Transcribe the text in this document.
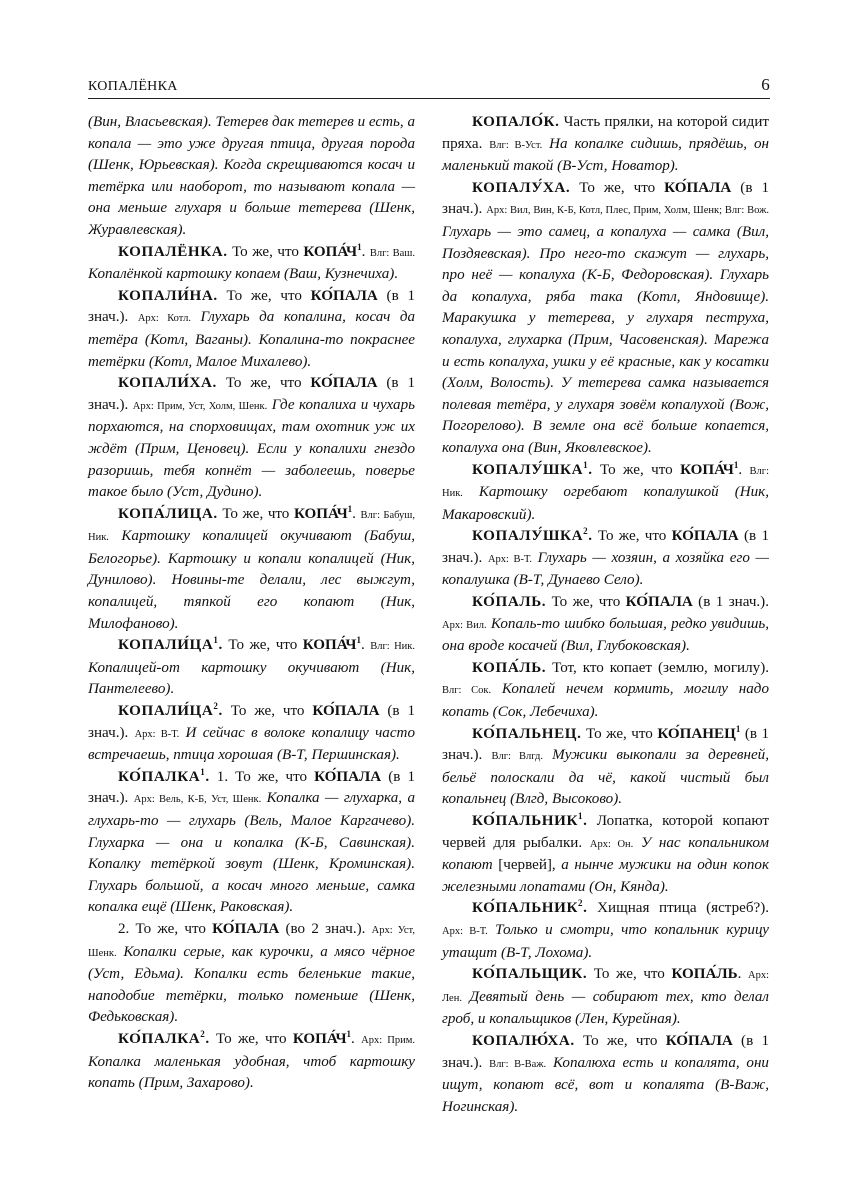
КОПАЛЁНКА	6

(Вин, Власьевская). Тетерев дак тетерев и есть, а копала — это уже другая птица, другая порода (Шенк, Юрьевская). Когда скрещиваются косач и тетёрка или наоборот, то называют копала — она меньше глухаря и больше тетерева (Шенк, Журавлевская).

КОПАЛЁНКА. То же, что КОПА́Ч$^1$. Влг: Ваш. Копалёнкой картошку копаем (Ваш, Кузнечиха).

КОПАЛИ́НА. То же, что КО́ПАЛА (в 1 знач.). Арх: Котл. Глухарь да копалина, косач да тетёра (Котл, Ваганы). Копалина-то покраснее тетёрки (Котл, Малое Михалево).

КОПАЛИ́ХА. То же, что КО́ПАЛА (в 1 знач.). Арх: Прим, Уст, Холм, Шенк. Где копалиха и чухарь порхаются, на спорховищах, там охотник уж их ждёт (Прим, Ценовец). Если у копалихи гнездо разоришь, тебя копнёт — заболеешь, поверье такое было (Уст, Дудино).

КОПА́ЛИЦА. То же, что КОПА́Ч$^1$. Влг: Бабуш, Ник. Картошку копалицей окучивают (Бабуш, Белогорье). Картошку и копали копалицей (Ник, Дунилово). Новины-те делали, лес выжгут, копалицей, тяпкой его копают (Ник, Милофаново).

$КОПАЛИ́ЦА^1$. То же, что КОПА́Ч$^1$. Влг: Ник. Копалицей-от картошку окучивают (Ник, Пантелеево).

$КОПАЛИ́ЦА^2$. То же, что КО́ПАЛА (в 1 знач.). Арх: В-Т. И сейчас в волоке копалицу часто встречаешь, птица хорошая (В-Т, Першинская).

КО́ПАЛКА$^1$. 1. То же, что КО́ПАЛА (в 1 знач.). Арх: Вель, К-Б, Уст, Шенк. Копалка — глухарка, а глухарь-то — глухарь (Вель, Малое Каргачево). Глухарка — она и копалка (К-Б, Савинская). Копалку тетёркой зовут (Шенк, Кроминская). Глухарь большой, а косач много меньше, самка копалка ещё (Шенк, Раковская).

2. То же, что КО́ПАЛА (во 2 знач.). Арх: Уст, Шенк. Копалки серые, как курочки, а мясо чёрное (Уст, Едьма). Копалки есть беленькие такие, наподобие тетёрки, только поменьше (Шенк, Федьковская).

КО́ПАЛКА$^2$. То же, что КОПА́Ч$^1$. Арх: Прим. Копалка маленькая удобная, чтоб картошку копать (Прим, Захарово).

КОПАЛО́К. Часть прялки, на которой сидит пряха. Влг: В-Уст. На копалке сидишь, прядёшь, он маленький такой (В-Уст, Новатор).

КОПАЛУ́ХА. То же, что КО́ПАЛА (в 1 знач.). Арх: Вил, Вин, К-Б, Котл, Плес, Прим, Холм, Шенк; Влг: Вож. Глухарь — это самец, а копалуха — самка (Вил, Поздяевская). Про него-то скажут — глухарь, про неё — копалуха (К-Б, Федоровская). Глухарь да копалуха, ряба така (Котл, Яндовище). Маракушка у тетерева, у глухаря пеструха, копалуха, глухарка (Прим, Часовенская). Марежа и есть копалуха, ушки у её красные, как у косатки (Холм, Волость). У тетерева самка называется полевая тетёра, у глухаря зовём копалухой (Вож, Погорелово). В земле она всё больше копается, копалуха она (Вин, Яковлевское).

КОПАЛУ́ШКА$^1$. То же, что КОПА́Ч$^1$. Влг: Ник. Картошку огребают копалушкой (Ник, Макаровский).

КОПАЛУ́ШКА$^2$. То же, что КО́ПАЛА (в 1 знач.). Арх: В-Т. Глухарь — хозяин, а хозяйка его — копалушка (В-Т, Дунаево Село).

КО́ПАЛЬ. То же, что КО́ПАЛА (в 1 знач.). Арх: Вил. Копаль-то шибко большая, редко увидишь, она вроде косачей (Вил, Глубоковская).

КОПА́ЛЬ. Тот, кто копает (землю, могилу). Влг: Сок. Копалей нечем кормить, могилу надо копать (Сок, Лебечиха).

КО́ПАЛЬНЕЦ. То же, что КО́ПАНЕЦ$^1$ (в 1 знач.). Влг: Влгд. Мужики выкопали за деревней, бельё полоскали да чё, какой чистый был копальнец (Влгд, Высоково).

КО́ПАЛЬНИК$^1$. Лопатка, которой копают червей для рыбалки. Арх: Он. У нас копальником копают [червей], а нынче мужики на один копок железными лопатами (Он, Кянда).

КО́ПАЛЬНИК$^2$. Хищная птица (ястреб?). Арх: В-Т. Только и смотри, что копальник курицу утащит (В-Т, Лохома).

КО́ПАЛЬЩИК. То же, что КОПА́ЛЬ. Арх: Лен. Девятый день — собирают тех, кто делал гроб, и копальщиков (Лен, Курейная).

КОПАЛЮ́ХА. То же, что КО́ПАЛА (в 1 знач.). Влг: В-Важ. Копалюха есть и копалята, они ищут, копают всё, вот и копалята (В-Важ, Ногинская).
